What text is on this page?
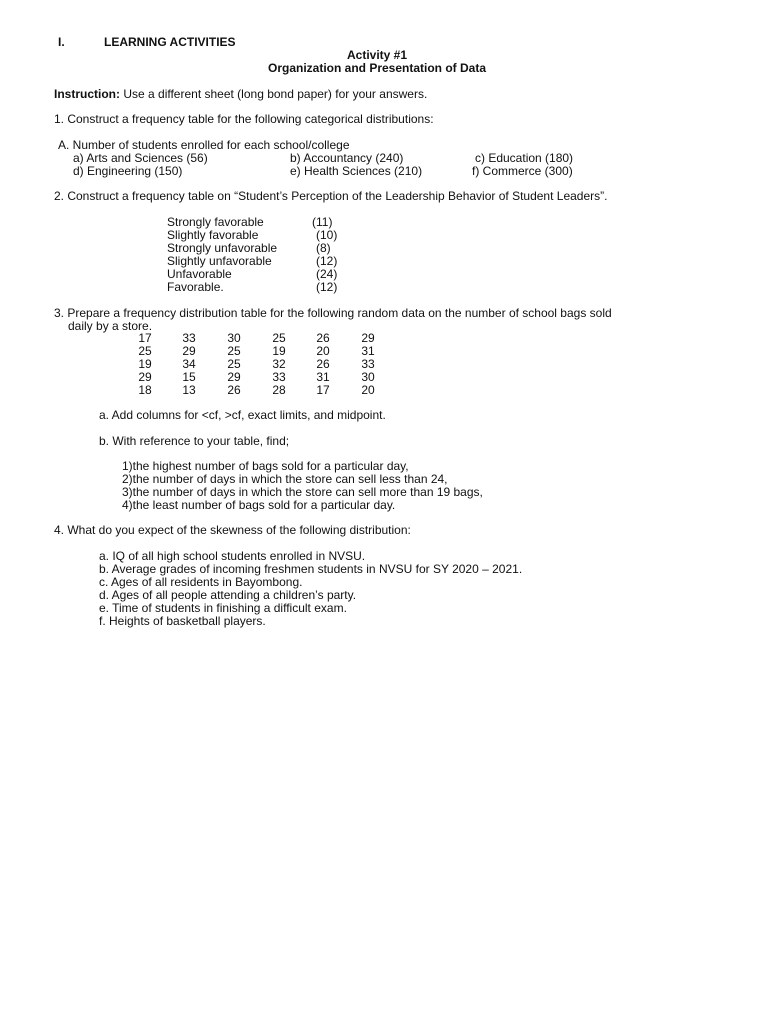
I.	LEARNING ACTIVITIES
Activity #1
Organization and Presentation of Data
Instruction: Use a different sheet (long bond paper) for your answers.
1. Construct a frequency table for the following categorical distributions:
A. Number of students enrolled for each school/college
a) Arts and Sciences (56)	b) Accountancy (240)	c) Education (180)
d) Engineering (150)	e) Health Sciences (210)	f) Commerce (300)
2. Construct a frequency table on “Student’s Perception of the Leadership Behavior of Student Leaders”.
Strongly favorable	(11)
Slightly favorable	(10)
Strongly unfavorable	(8)
Slightly unfavorable	(12)
Unfavorable	(24)
Favorable.	(12)
3. Prepare a frequency distribution table for the following random data on the number of school bags sold
daily by a store.
17	33	30	25	26	29
25	29	25	19	20	31
19	34	25	32	26	33
29	15	29	33	31	30
18	13	26	28	17	20
a. Add columns for <cf, >cf, exact limits, and midpoint.
b. With reference to your table, find;
1)the highest number of bags sold for a particular day,
2)the number of days in which the store can sell less than 24,
3)the number of days in which the store can sell more than 19 bags,
4)the least number of bags sold for a particular day.
4. What do you expect of the skewness of the following distribution:
a. IQ of all high school students enrolled in NVSU.
b. Average grades of incoming freshmen students in NVSU for SY 2020 – 2021.
c. Ages of all residents in Bayombong.
d. Ages of all people attending a children’s party.
e. Time of students in finishing a difficult exam.
f. Heights of basketball players.
